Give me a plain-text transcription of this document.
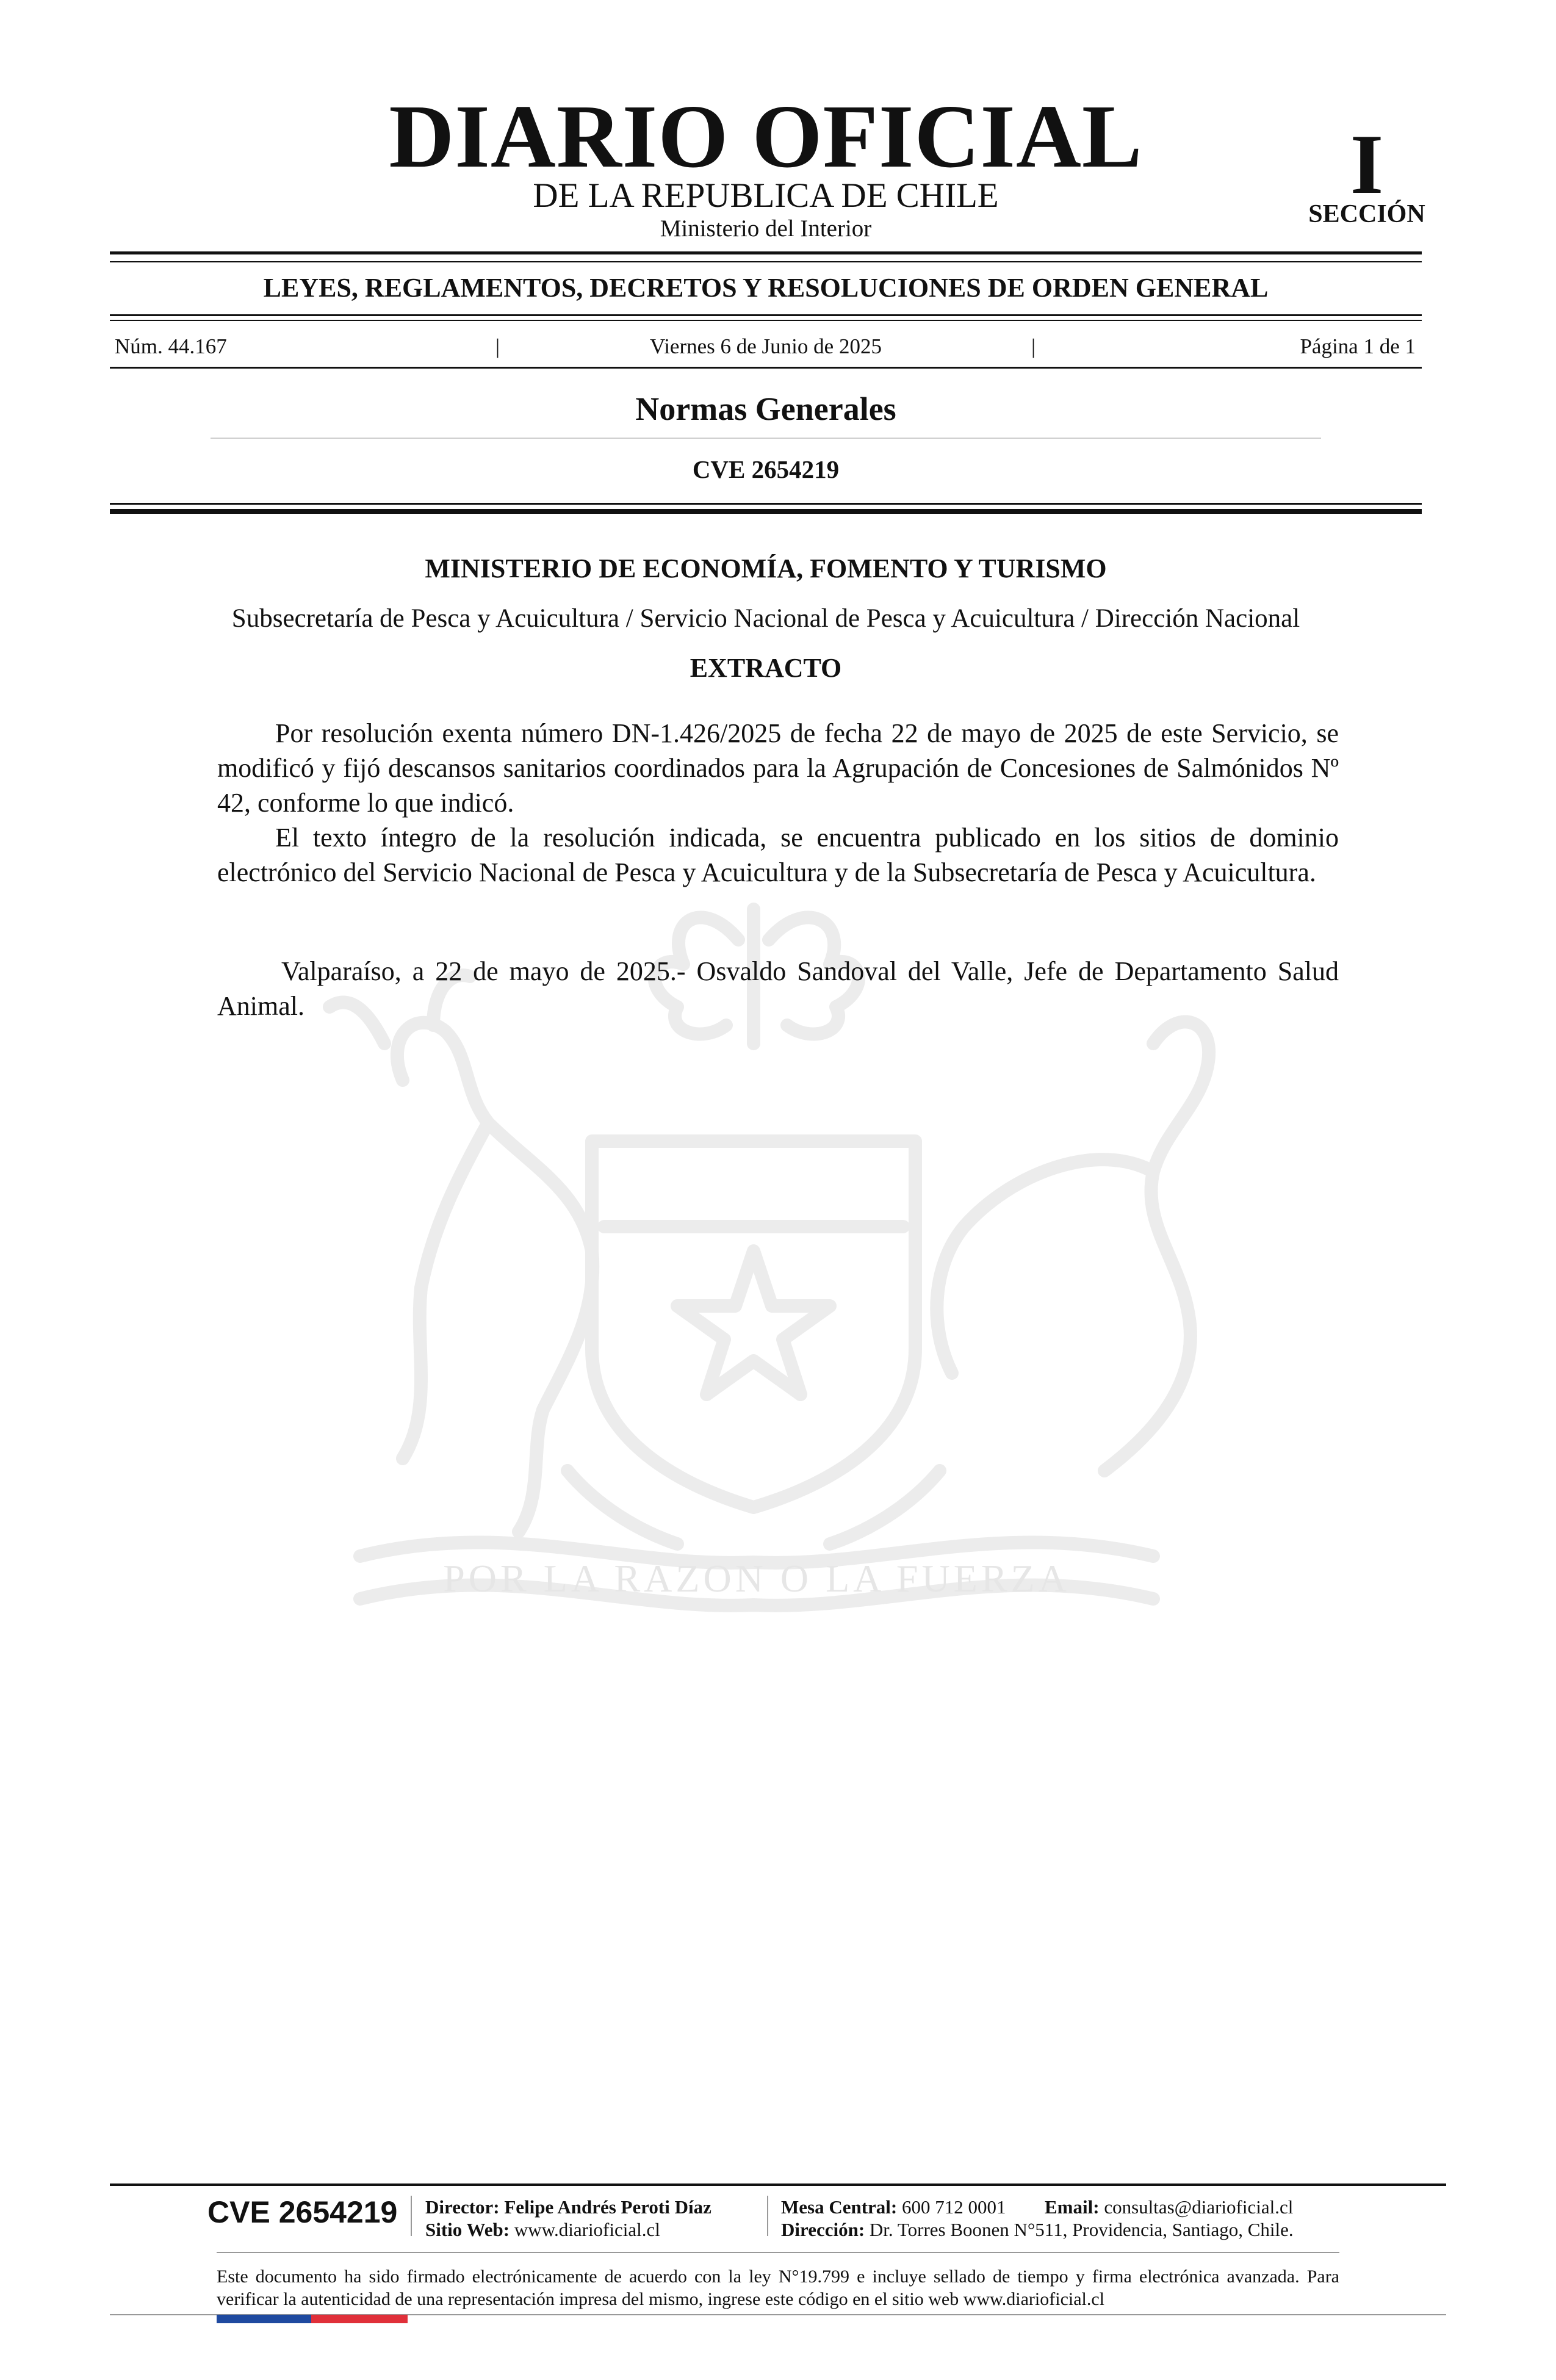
POR LA RAZON O LA FUERZA
DIARIO OFICIAL
DE LA REPUBLICA DE CHILE
Ministerio del Interior
I
SECCIÓN
LEYES, REGLAMENTOS, DECRETOS Y RESOLUCIONES DE ORDEN GENERAL
Núm. 44.167	|	Viernes 6 de Junio de 2025	|	Página 1 de 1
Normas Generales
CVE 2654219
MINISTERIO DE ECONOMÍA, FOMENTO Y TURISMO
Subsecretaría de Pesca y Acuicultura / Servicio Nacional de Pesca y Acuicultura / Dirección Nacional
EXTRACTO

Por resolución exenta número DN-1.426/2025 de fecha 22 de mayo de 2025 de este Servicio, se modificó y fijó descansos sanitarios coordinados para la Agrupación de Concesiones de Salmónidos Nº 42, conforme lo que indicó.

El texto íntegro de la resolución indicada, se encuentra publicado en los sitios de dominio electrónico del Servicio Nacional de Pesca y Acuicultura y de la Subsecretaría de Pesca y Acuicultura.

Valparaíso, a 22 de mayo de 2025.- Osvaldo Sandoval del Valle, Jefe de Departamento Salud Animal.

CVE 2654219 Director: Felipe Andrés Peroti Díaz
Sitio Web: www.diarioficial.cl
Mesa Central: 600 712 0001 Email: consultas@diarioficial.cl
Dirección: Dr. Torres Boonen N°511, Providencia, Santiago, Chile.

Este documento ha sido firmado electrónicamente de acuerdo con la ley N°19.799 e incluye sellado de tiempo y firma electrónica avanzada. Para verificar la autenticidad de una representación impresa del mismo, ingrese este código en el sitio web www.diarioficial.cl
